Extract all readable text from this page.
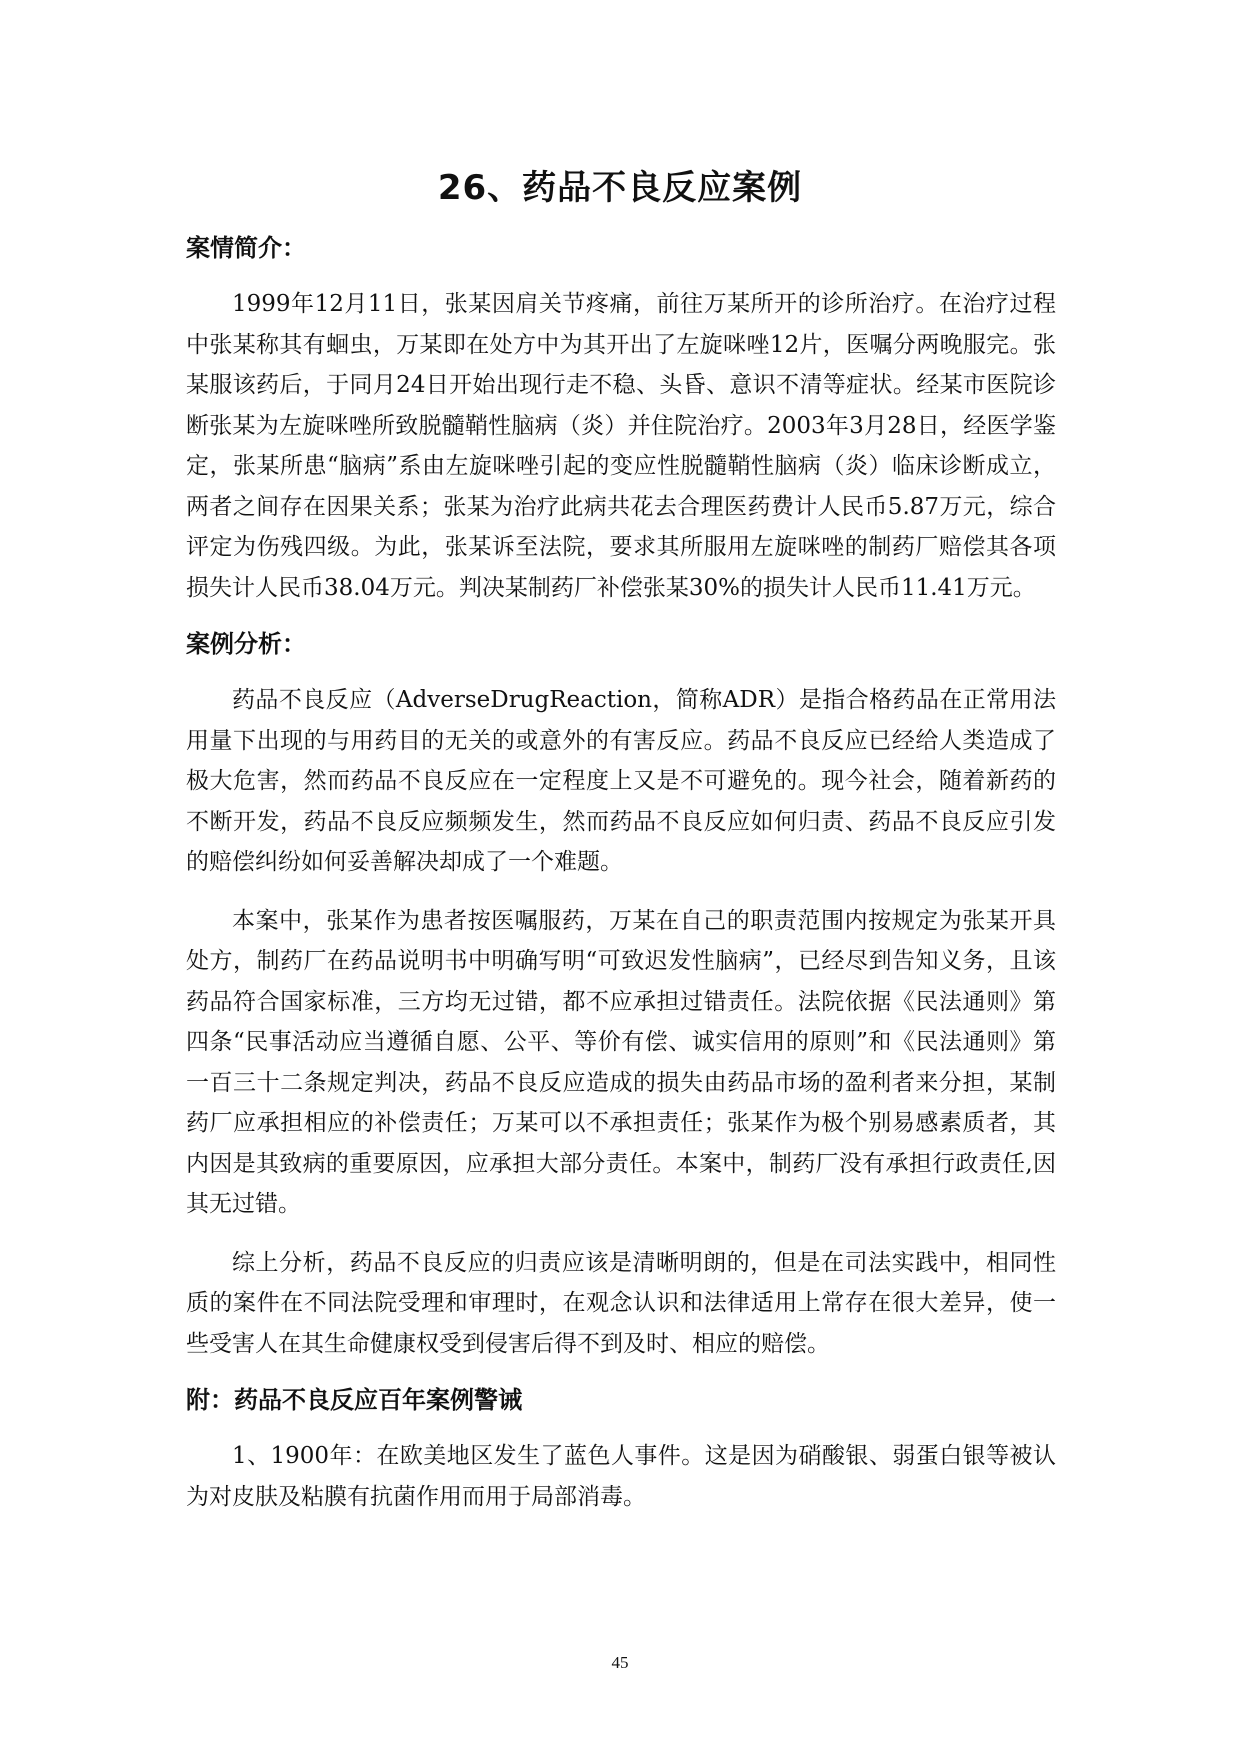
26、药品不良反应案例
案情简介：

1999年12月11日，张某因肩关节疼痛，前往万某所开的诊所治疗。在治疗过程中张某称其有蛔虫，万某即在处方中为其开出了左旋咪唑12片，医嘱分两晚服完。张某服该药后，于同月24日开始出现行走不稳、头昏、意识不清等症状。经某市医院诊断张某为左旋咪唑所致脱髓鞘性脑病（炎）并住院治疗。2003年3月28日，经医学鉴定，张某所患“脑病”系由左旋咪唑引起的变应性脱髓鞘性脑病（炎）临床诊断成立，两者之间存在因果关系；张某为治疗此病共花去合理医药费计人民币5.87万元，综合评定为伤残四级。为此，张某诉至法院，要求其所服用左旋咪唑的制药厂赔偿其各项损失计人民币38.04万元。判决某制药厂补偿张某30%的损失计人民币11.41万元。

案例分析：

药品不良反应（AdverseDrugReaction，简称ADR）是指合格药品在正常用法用量下出现的与用药目的无关的或意外的有害反应。药品不良反应已经给人类造成了极大危害，然而药品不良反应在一定程度上又是不可避免的。现今社会，随着新药的不断开发，药品不良反应频频发生，然而药品不良反应如何归责、药品不良反应引发的赔偿纠纷如何妥善解决却成了一个难题。

本案中，张某作为患者按医嘱服药，万某在自己的职责范围内按规定为张某开具处方，制药厂在药品说明书中明确写明“可致迟发性脑病”，已经尽到告知义务，且该药品符合国家标准，三方均无过错，都不应承担过错责任。法院依据《民法通则》第四条“民事活动应当遵循自愿、公平、等价有偿、诚实信用的原则”和《民法通则》第一百三十二条规定判决，药品不良反应造成的损失由药品市场的盈利者来分担，某制药厂应承担相应的补偿责任；万某可以不承担责任；张某作为极个别易感素质者，其内因是其致病的重要原因，应承担大部分责任。本案中，制药厂没有承担行政责任,因其无过错。

综上分析，药品不良反应的归责应该是清晰明朗的，但是在司法实践中，相同性质的案件在不同法院受理和审理时，在观念认识和法律适用上常存在很大差异，使一些受害人在其生命健康权受到侵害后得不到及时、相应的赔偿。

附：药品不良反应百年案例警诫

1、1900年：在欧美地区发生了蓝色人事件。这是因为硝酸银、弱蛋白银等被认为对皮肤及粘膜有抗菌作用而用于局部消毒。

45
